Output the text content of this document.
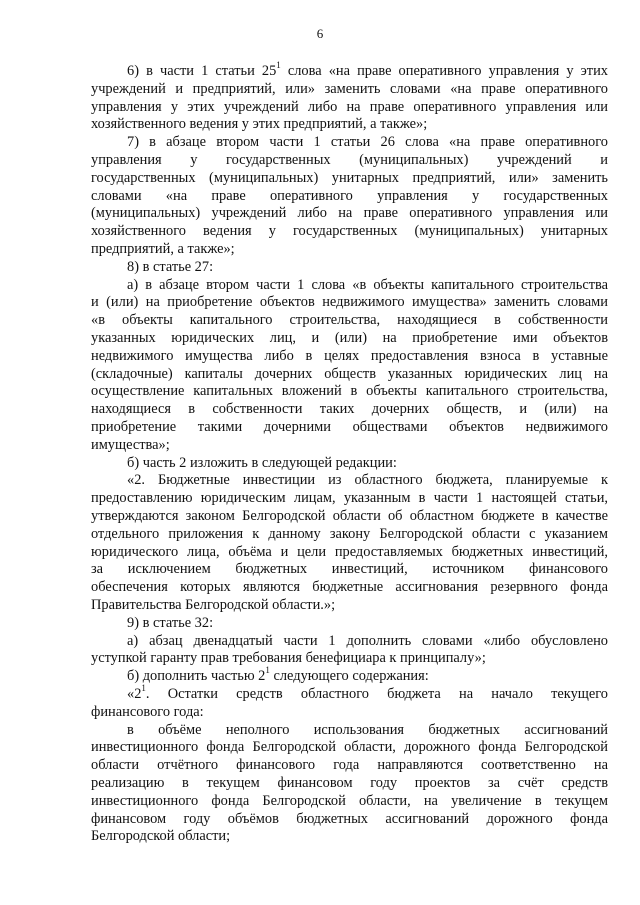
6
6) в части 1 статьи $25^1$ слова «на праве оперативного управления у этих
учреждений и предприятий, или» заменить словами «на праве оперативного
управления у этих учреждений либо на праве оперативного управления или
хозяйственного ведения у этих предприятий, а также»;
7) в абзаце втором части 1 статьи 26 слова «на праве оперативного
управления у государственных (муниципальных) учреждений и
государственных (муниципальных) унитарных предприятий, или» заменить
словами «на праве оперативного управления у государственных
(муниципальных) учреждений либо на праве оперативного управления или
хозяйственного ведения у государственных (муниципальных) унитарных
предприятий, а также»;
8) в статье 27:
а) в абзаце втором части 1 слова «в объекты капитального строительства
и (или) на приобретение объектов недвижимого имущества» заменить словами
«в объекты капитального строительства, находящиеся в собственности
указанных юридических лиц, и (или) на приобретение ими объектов
недвижимого имущества либо в целях предоставления взноса в уставные
(складочные) капиталы дочерних обществ указанных юридических лиц на
осуществление капитальных вложений в объекты капитального строительства,
находящиеся в собственности таких дочерних обществ, и (или) на
приобретение такими дочерними обществами объектов недвижимого
имущества»;
б) часть 2 изложить в следующей редакции:
«2. Бюджетные инвестиции из областного бюджета, планируемые к
предоставлению юридическим лицам, указанным в части 1 настоящей статьи,
утверждаются законом Белгородской области об областном бюджете в качестве
отдельного приложения к данному закону Белгородской области с указанием
юридического лица, объёма и цели предоставляемых бюджетных инвестиций,
за исключением бюджетных инвестиций, источником финансового
обеспечения которых являются бюджетные ассигнования резервного фонда
Правительства Белгородской области.»;
9) в статье 32:
а) абзац двенадцатый части 1 дополнить словами «либо обусловлено
уступкой гаранту прав требования бенефициара к принципалу»;
б) дополнить частью $2^1$ следующего содержания:
«$2^1$. Остатки средств областного бюджета на начало текущего
финансового года:
в объёме неполного использования бюджетных ассигнований
инвестиционного фонда Белгородской области, дорожного фонда Белгородской
области отчётного финансового года направляются соответственно на
реализацию в текущем финансовом году проектов за счёт средств
инвестиционного фонда Белгородской области, на увеличение в текущем
финансовом году объёмов бюджетных ассигнований дорожного фонда
Белгородской области;
